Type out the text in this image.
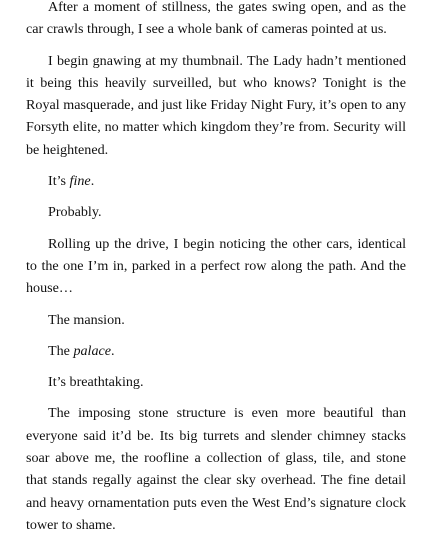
After a moment of stillness, the gates swing open, and as the car crawls through, I see a whole bank of cameras pointed at us.

I begin gnawing at my thumbnail. The Lady hadn’t mentioned it being this heavily surveilled, but who knows? Tonight is the Royal masquerade, and just like Friday Night Fury, it’s open to any Forsyth elite, no matter which kingdom they’re from. Security will be heightened.

It’s fine.

Probably.

Rolling up the drive, I begin noticing the other cars, identical to the one I’m in, parked in a perfect row along the path. And the house…

The mansion.

The palace.

It’s breathtaking.

The imposing stone structure is even more beautiful than everyone said it’d be. Its big turrets and slender chimney stacks soar above me, the roofline a collection of glass, tile, and stone that stands regally against the clear sky overhead. The fine detail and heavy ornamentation puts even the West End’s signature clock tower to shame.
